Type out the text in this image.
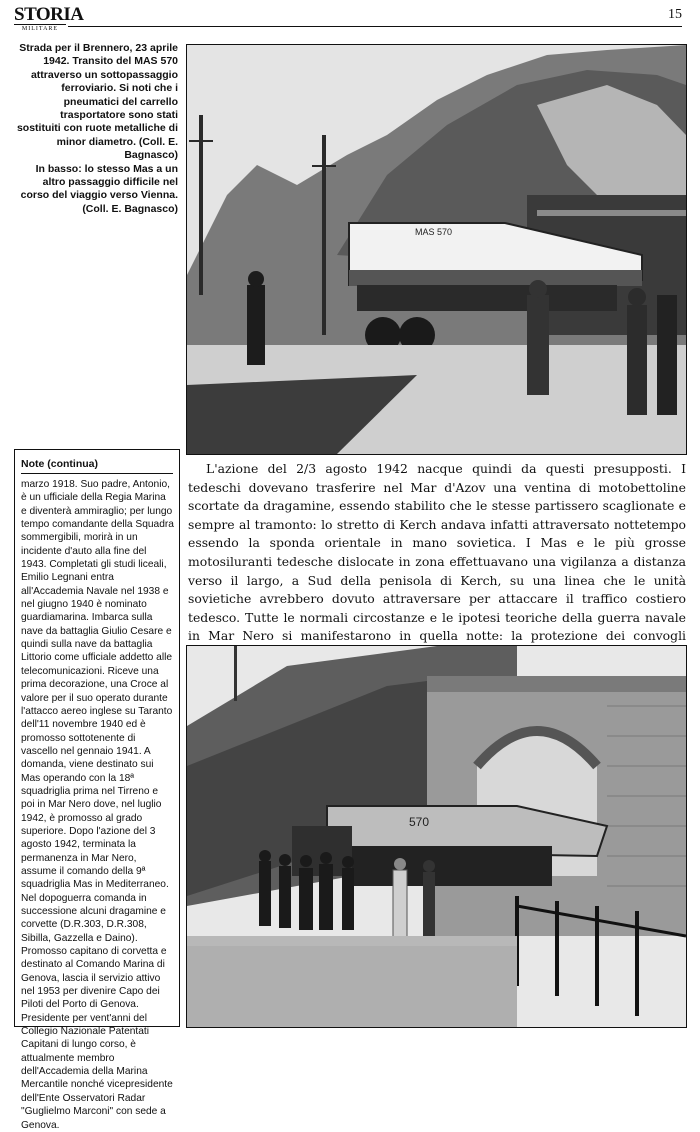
STORIA
MILITARE
15

Strada per il Brennero, 23 aprile 1942. Transito del MAS 570 attraverso un sottopassaggio ferroviario. Si noti che i pneumatici del carrello trasportatore sono stati sostituiti con ruote metalliche di minor diametro. (Coll. E. Bagnasco)

In basso: lo stesso Mas a un altro passaggio difficile nel corso del viaggio verso Vienna. (Coll. E. Bagnasco)

MAS 570
Note (continua)

marzo 1918. Suo padre, Antonio, è un ufficiale della Regia Marina e diventerà ammiraglio; per lungo tempo comandante della Squadra sommergibili, morirà in un incidente d'auto alla fine del 1943. Completati gli studi liceali, Emilio Legnani entra all'Accademia Navale nel 1938 e nel giugno 1940 è nominato guardiamarina. Imbarca sulla nave da battaglia Giulio Cesare e quindi sulla nave da battaglia Littorio come ufficiale addetto alle telecomunicazioni. Riceve una prima decorazione, una Croce al valore per il suo operato durante l'attacco aereo inglese su Taranto dell'11 novembre 1940 ed è promosso sottotenente di vascello nel gennaio 1941. A domanda, viene destinato sui Mas operando con la 18ª squadriglia prima nel Tirreno e poi in Mar Nero dove, nel luglio 1942, è promosso al grado superiore. Dopo l'azione del 3 agosto 1942, terminata la permanenza in Mar Nero, assume il comando della 9ª squadriglia Mas in Mediterraneo. Nel dopoguerra comanda in successione alcuni dragamine e corvette (D.R.303, D.R.308, Sibilla, Gazzella e Daino). Promosso capitano di corvetta e destinato al Comando Marina di Genova, lascia il servizio attivo nel 1953 per divenire Capo dei Piloti del Porto di Genova. Presidente per vent'anni del Collegio Nazionale Patentati Capitani di lungo corso, è attualmente membro dell'Accademia della Marina Mercantile nonché vicepresidente dell'Ente Osservatori Radar "Guglielmo Marconi" con sede a Genova.

L'azione del 2/3 agosto 1942 nacque quindi da questi presupposti. I tedeschi dovevano trasferire nel Mar d'Azov una ventina di motobettoline scortate da dragamine, essendo stabilito che le stesse partissero scaglionate e sempre al tramonto: lo stretto di Kerch andava infatti attraversato nottetempo essendo la sponda orientale in mano sovietica. I Mas e le più grosse motosiluranti tedesche dislocate in zona effettuavano una vigilanza a distanza verso il largo, a Sud della penisola di Kerch, su una linea che le unità sovietiche avrebbero dovuto attraversare per attaccare il traffico costiero tedesco. Tutte le normali circostanze e le ipotesi teoriche della guerra navale in Mar Nero si manifestarono in quella notte: la protezione dei convogli

570
